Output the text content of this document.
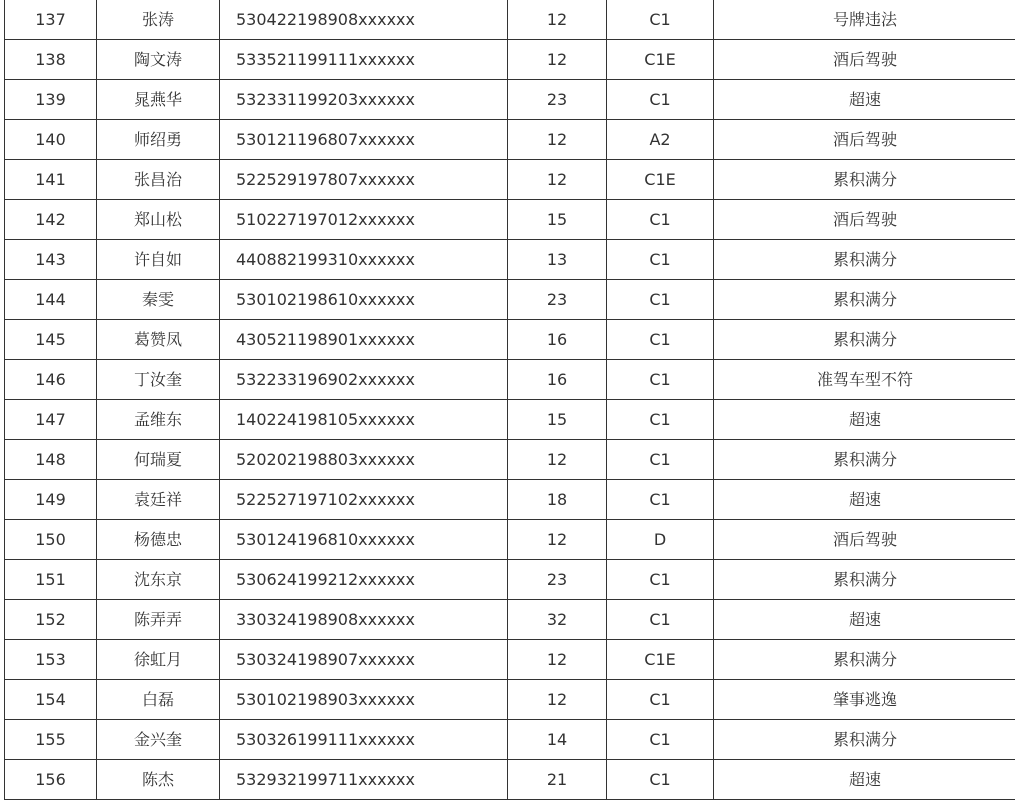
137	张涛	530422198908xxxxxx	12	C1	号牌违法
138	陶文涛	533521199111xxxxxx	12	C1E	酒后驾驶
139	晁燕华	532331199203xxxxxx	23	C1	超速
140	师绍勇	530121196807xxxxxx	12	A2	酒后驾驶
141	张昌治	522529197807xxxxxx	12	C1E	累积满分
142	郑山松	510227197012xxxxxx	15	C1	酒后驾驶
143	许自如	440882199310xxxxxx	13	C1	累积满分
144	秦雯	530102198610xxxxxx	23	C1	累积满分
145	葛赞凤	430521198901xxxxxx	16	C1	累积满分
146	丁汝奎	532233196902xxxxxx	16	C1	准驾车型不符
147	孟维东	140224198105xxxxxx	15	C1	超速
148	何瑞夏	520202198803xxxxxx	12	C1	累积满分
149	袁廷祥	522527197102xxxxxx	18	C1	超速
150	杨德忠	530124196810xxxxxx	12	D	酒后驾驶
151	沈东京	530624199212xxxxxx	23	C1	累积满分
152	陈弄弄	330324198908xxxxxx	32	C1	超速
153	徐虹月	530324198907xxxxxx	12	C1E	累积满分
154	白磊	530102198903xxxxxx	12	C1	肇事逃逸
155	金兴奎	530326199111xxxxxx	14	C1	累积满分
156	陈杰	532932199711xxxxxx	21	C1	超速
